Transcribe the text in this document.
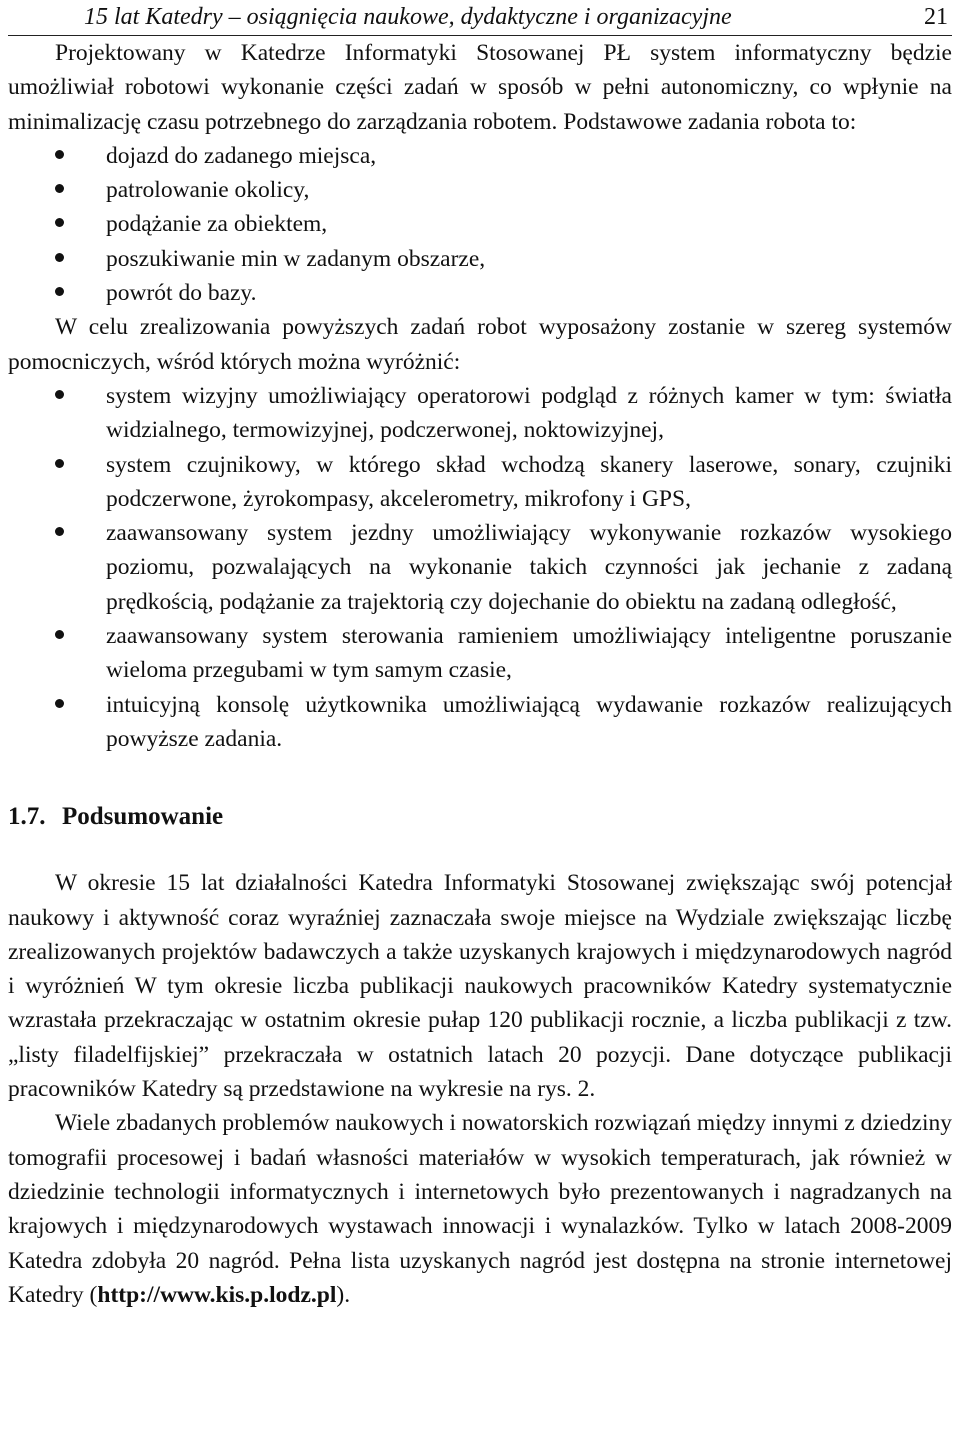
15 lat Katedry – osiągnięcia naukowe, dydaktyczne i organizacyjne	21

Projektowany w Katedrze Informatyki Stosowanej PŁ system informatyczny będzie umożliwiał robotowi wykonanie części zadań w sposób w pełni autonomiczny, co wpłynie na minimalizację czasu potrzebnego do zarządzania robotem. Podstawowe zadania robota to:

dojazd do zadanego miejsca,
patrolowanie okolicy,
podążanie za obiektem,
poszukiwanie min w zadanym obszarze,
powrót do bazy.

W celu zrealizowania powyższych zadań robot wyposażony zostanie w szereg systemów pomocniczych, wśród których można wyróżnić:

system wizyjny umożliwiający operatorowi podgląd z różnych kamer w tym: światła widzialnego, termowizyjnej, podczerwonej, noktowizyjnej,
system czujnikowy, w którego skład wchodzą skanery laserowe, sonary, czujniki podczerwone, żyrokompasy, akcelerometry, mikrofony i GPS,
zaawansowany system jezdny umożliwiający wykonywanie rozkazów wysokiego poziomu, pozwalających na wykonanie takich czynności jak jechanie z zadaną prędkością, podążanie za trajektorią czy dojechanie do obiektu na zadaną odległość,
zaawansowany system sterowania ramieniem umożliwiający inteligentne poruszanie wieloma przegubami w tym samym czasie,
intuicyjną konsolę użytkownika umożliwiającą wydawanie rozkazów realizujących powyższe zadania.
1.7. Podsumowanie

W okresie 15 lat działalności Katedra Informatyki Stosowanej zwiększając swój potencjał naukowy i aktywność coraz wyraźniej zaznaczała swoje miejsce na Wydziale zwiększając liczbę zrealizowanych projektów badawczych a także uzyskanych krajowych i międzynarodowych nagród i wyróżnień W tym okresie liczba publikacji naukowych pracowników Katedry systematycznie wzrastała przekraczając w ostatnim okresie pułap 120 publikacji rocznie, a liczba publikacji z tzw. „listy filadelfijskiej” przekraczała w ostatnich latach 20 pozycji. Dane dotyczące publikacji pracowników Katedry są przedstawione na wykresie na rys. 2.

Wiele zbadanych problemów naukowych i nowatorskich rozwiązań między innymi z dziedziny tomografii procesowej i badań własności materiałów w wysokich temperaturach, jak również w dziedzinie technologii informatycznych i internetowych było prezentowanych i nagradzanych na krajowych i międzynarodowych wystawach innowacji i wynalazków. Tylko w latach 2008-2009 Katedra zdobyła 20 nagród. Pełna lista uzyskanych nagród jest dostępna na stronie internetowej Katedry (http://www.kis.p.lodz.pl).
